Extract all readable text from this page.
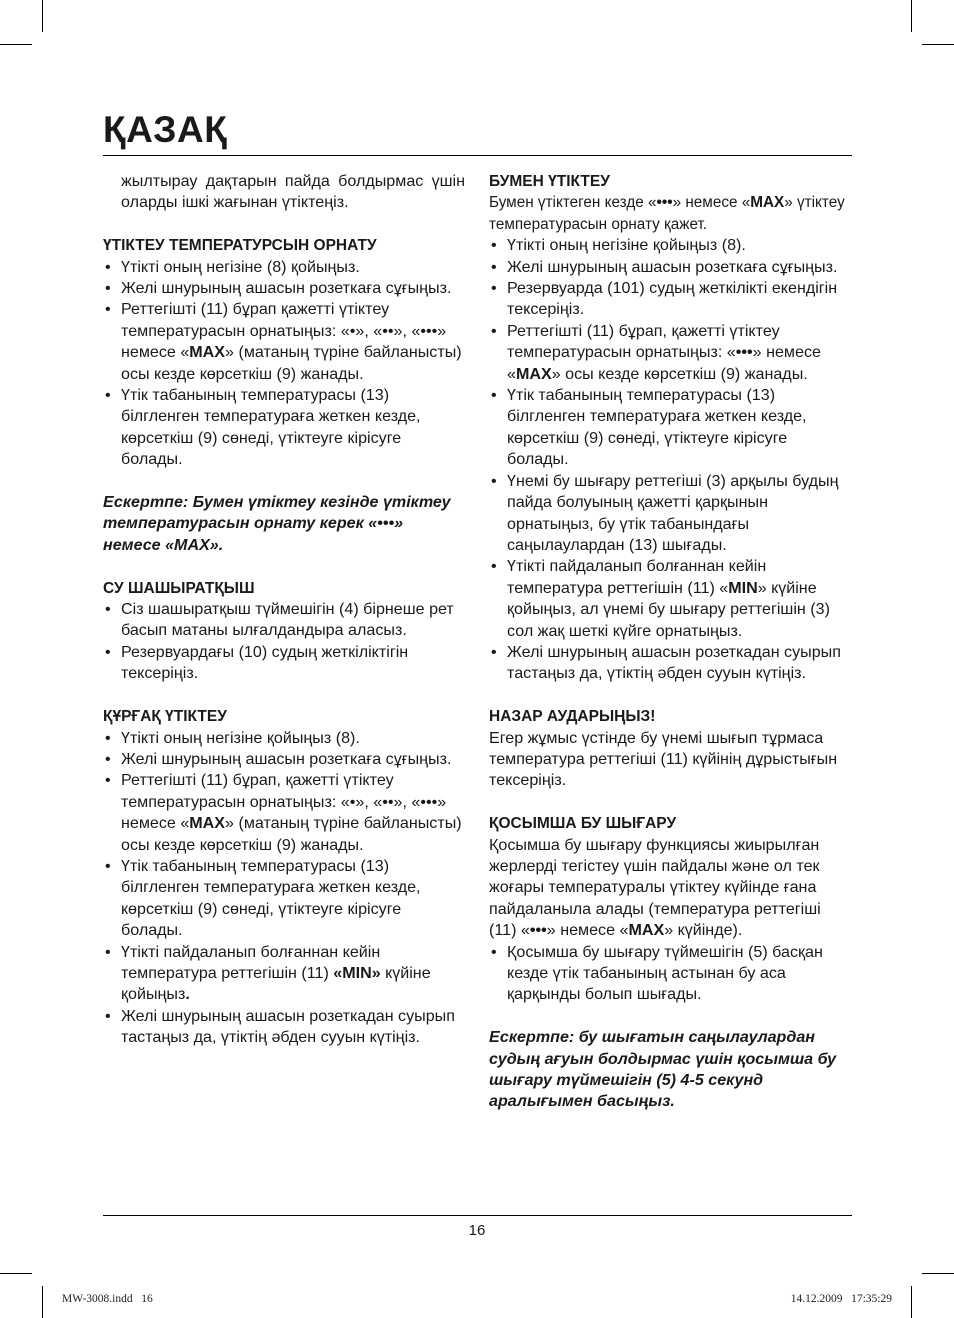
ҚАЗАҚ

жылтырау дақтарын пайда болдырмас үшін оларды ішкі жағынан үтіктеңіз.

ҮТІКТЕУ ТЕМПЕРАТУРСЫН ОРНАТУ

• Үтікті оның негізіне (8) қойыңыз.
• Желі шнурының ашасын розеткаға сұғыңыз.
• Реттегішті (11) бұрап қажетті үтіктеу температурасын орнатыңыз: «•», «••», «•••» немесе «MAX» (матаның түріне байланысты) осы кезде көрсеткіш (9) жанады.
• Үтік табанының температурасы (13) білгленген температураға жеткен кезде, көрсеткіш (9) сөнеді, үтіктеуге кірісуге болады.

Ескертпе: Бумен үтіктеу кезінде үтіктеу температурасын орнату керек «•••» немесе «MAX».

СУ ШАШЫРАТҚЫШ

• Сіз шашыратқыш түймешігін (4) бірнеше рет басып матаны ылғалдандыра аласыз.
• Резервуардағы (10) судың жеткіліктігін тексеріңіз.

ҚҰРҒАҚ ҮТІКТЕУ

• Үтікті оның негізіне қойыңыз (8).
• Желі шнурының ашасын розеткаға сұғыңыз.
• Реттегішті (11) бұрап, қажетті үтіктеу температурасын орнатыңыз: «•», «••», «•••» немесе «MAX» (матаның түріне байланысты) осы кезде көрсеткіш (9) жанады.
• Үтік табанының температурасы (13) білгленген температураға жеткен кезде, көрсеткіш (9) сөнеді, үтіктеуге кірісуге болады.
• Үтікті пайдаланып болғаннан кейін температура реттегішін (11) «MIN» күйіне қойыңыз.
• Желі шнурының ашасын розеткадан суырып тастаңыз да, үтіктің әбден сууын күтіңіз.

БУМЕН ҮТІКТЕУ

Бумен үтіктеген кезде «•••» немесе «MAX» үтіктеу температурасын орнату қажет.

• Үтікті оның негізіне қойыңыз (8).
• Желі шнурының ашасын розеткаға сұғыңыз.
• Резервуарда (101) судың жеткілікті екендігін тексеріңіз.
• Реттегішті (11) бұрап, қажетті үтіктеу температурасын орнатыңыз: «•••» немесе «MAX» осы кезде көрсеткіш (9) жанады.
• Үтік табанының температурасы (13) білгленген температураға жеткен кезде, көрсеткіш (9) сөнеді, үтіктеуге кірісуге болады.
• Үнемі бу шығару реттегіші (3) арқылы будың пайда болуының қажетті қарқынын орнатыңыз, бу үтік табанындағы саңылаулардан (13) шығады.
• Үтікті пайдаланып болғаннан кейін температура реттегішін (11) «MIN» күйіне қойыңыз, ал үнемі бу шығару реттегішін (3) сол жақ шеткі күйге орнатыңыз.
• Желі шнурының ашасын розеткадан суырып тастаңыз да, үтіктің әбден сууын күтіңіз.

НАЗАР АУДАРЫҢЫЗ!

Егер жұмыс үстінде бу үнемі шығып тұрмаса температура реттегіші (11) күйінің дұрыстығын тексеріңіз.

ҚОСЫМША БУ ШЫҒАРУ

Қосымша бу шығару функциясы жиырылған жерлерді тегістеу үшін пайдалы және ол тек жоғары температуралы үтіктеу күйінде ғана пайдаланыла алады (температура реттегіші (11) «•••» немесе «MAX» күйінде).

• Қосымша бу шығару түймешігін (5) басқан кезде үтік табанының астынан бу аса қарқынды болып шығады.

Ескертпе: бу шығатын саңылаулардан судың ағуын болдырмас үшін қосымша бу шығару түймешігін (5) 4-5 секунд аралығымен басыңыз.

16
MW-3008.indd   16	14.12.2009   17:35:29
